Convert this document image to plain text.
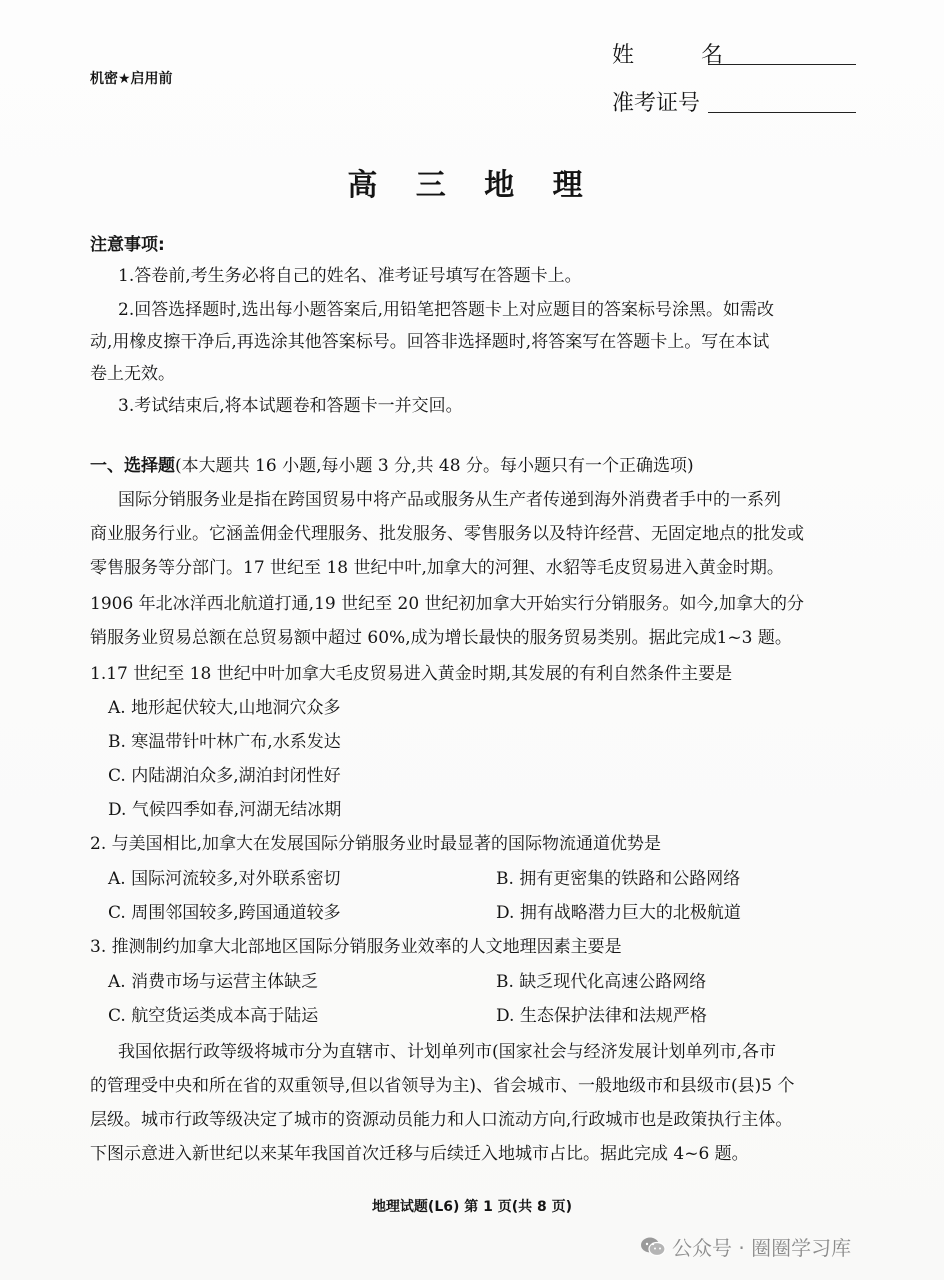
机密★启用前
姓 名
准考证号
高 三 地 理
注意事项:
1.答卷前,考生务必将自己的姓名、准考证号填写在答题卡上。
2.回答选择题时,选出每小题答案后,用铅笔把答题卡上对应题目的答案标号涂黑。如需改
动,用橡皮擦干净后,再选涂其他答案标号。回答非选择题时,将答案写在答题卡上。写在本试
卷上无效。
3.考试结束后,将本试题卷和答题卡一并交回。
一、选择题(本大题共 16 小题,每小题 3 分,共 48 分。每小题只有一个正确选项)
国际分销服务业是指在跨国贸易中将产品或服务从生产者传递到海外消费者手中的一系列
商业服务行业。它涵盖佣金代理服务、批发服务、零售服务以及特许经营、无固定地点的批发或
零售服务等分部门。17 世纪至 18 世纪中叶,加拿大的河狸、水貂等毛皮贸易进入黄金时期。
1906 年北冰洋西北航道打通,19 世纪至 20 世纪初加拿大开始实行分销服务。如今,加拿大的分
销服务业贸易总额在总贸易额中超过 60%,成为增长最快的服务贸易类别。据此完成1~3 题。
1.17 世纪至 18 世纪中叶加拿大毛皮贸易进入黄金时期,其发展的有利自然条件主要是
A. 地形起伏较大,山地洞穴众多
B. 寒温带针叶林广布,水系发达
C. 内陆湖泊众多,湖泊封闭性好
D. 气候四季如春,河湖无结冰期
2. 与美国相比,加拿大在发展国际分销服务业时最显著的国际物流通道优势是
A. 国际河流较多,对外联系密切	B. 拥有更密集的铁路和公路网络
C. 周围邻国较多,跨国通道较多	D. 拥有战略潜力巨大的北极航道
3. 推测制约加拿大北部地区国际分销服务业效率的人文地理因素主要是
A. 消费市场与运营主体缺乏	B. 缺乏现代化高速公路网络
C. 航空货运类成本高于陆运	D. 生态保护法律和法规严格
我国依据行政等级将城市分为直辖市、计划单列市(国家社会与经济发展计划单列市,各市
的管理受中央和所在省的双重领导,但以省领导为主)、省会城市、一般地级市和县级市(县)5 个
层级。城市行政等级决定了城市的资源动员能力和人口流动方向,行政城市也是政策执行主体。
下图示意进入新世纪以来某年我国首次迁移与后续迁入地城市占比。据此完成 4~6 题。
地理试题(L6) 第 1 页(共 8 页)
公众号 · 圈圈学习库
